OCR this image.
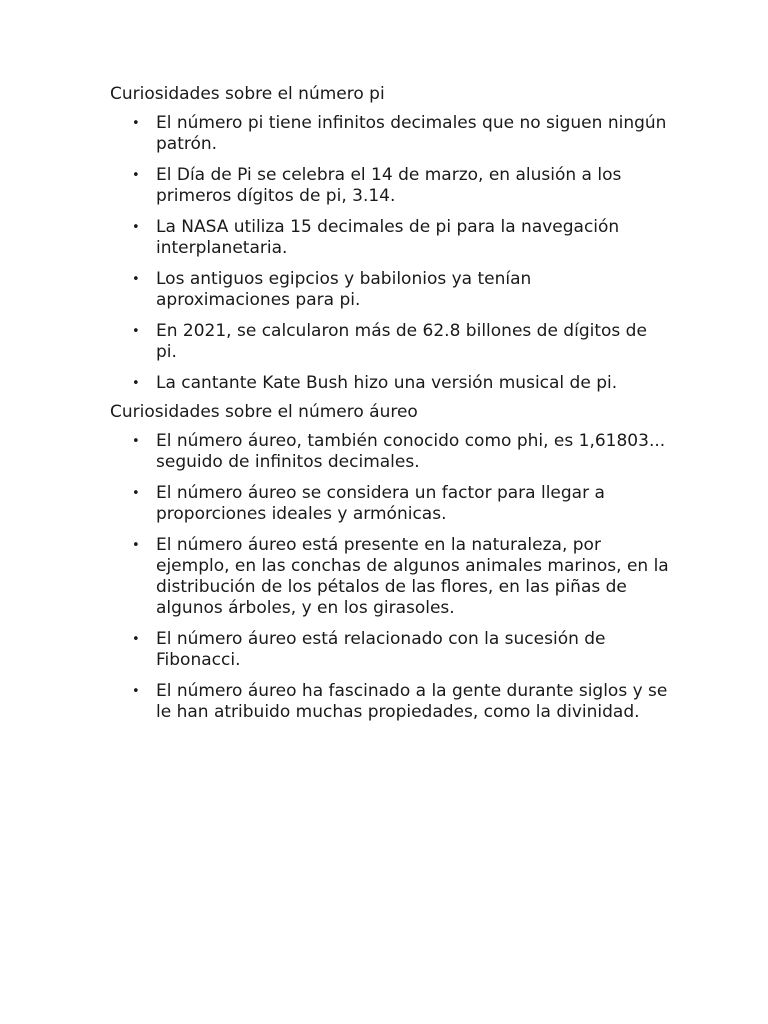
Curiosidades sobre el número pi

• El número pi tiene infinitos decimales que no siguen ningún patrón.
• El Día de Pi se celebra el 14 de marzo, en alusión a los primeros dígitos de pi, 3.14.
• La NASA utiliza 15 decimales de pi para la navegación interplanetaria.
• Los antiguos egipcios y babilonios ya tenían aproximaciones para pi.
• En 2021, se calcularon más de 62.8 billones de dígitos de pi.
• La cantante Kate Bush hizo una versión musical de pi.

Curiosidades sobre el número áureo

• El número áureo, también conocido como phi, es 1,61803... seguido de infinitos decimales.
• El número áureo se considera un factor para llegar a proporciones ideales y armónicas.
• El número áureo está presente en la naturaleza, por ejemplo, en las conchas de algunos animales marinos, en la distribución de los pétalos de las flores, en las piñas de algunos árboles, y en los girasoles.
• El número áureo está relacionado con la sucesión de Fibonacci.
• El número áureo ha fascinado a la gente durante siglos y se le han atribuido muchas propiedades, como la divinidad.
